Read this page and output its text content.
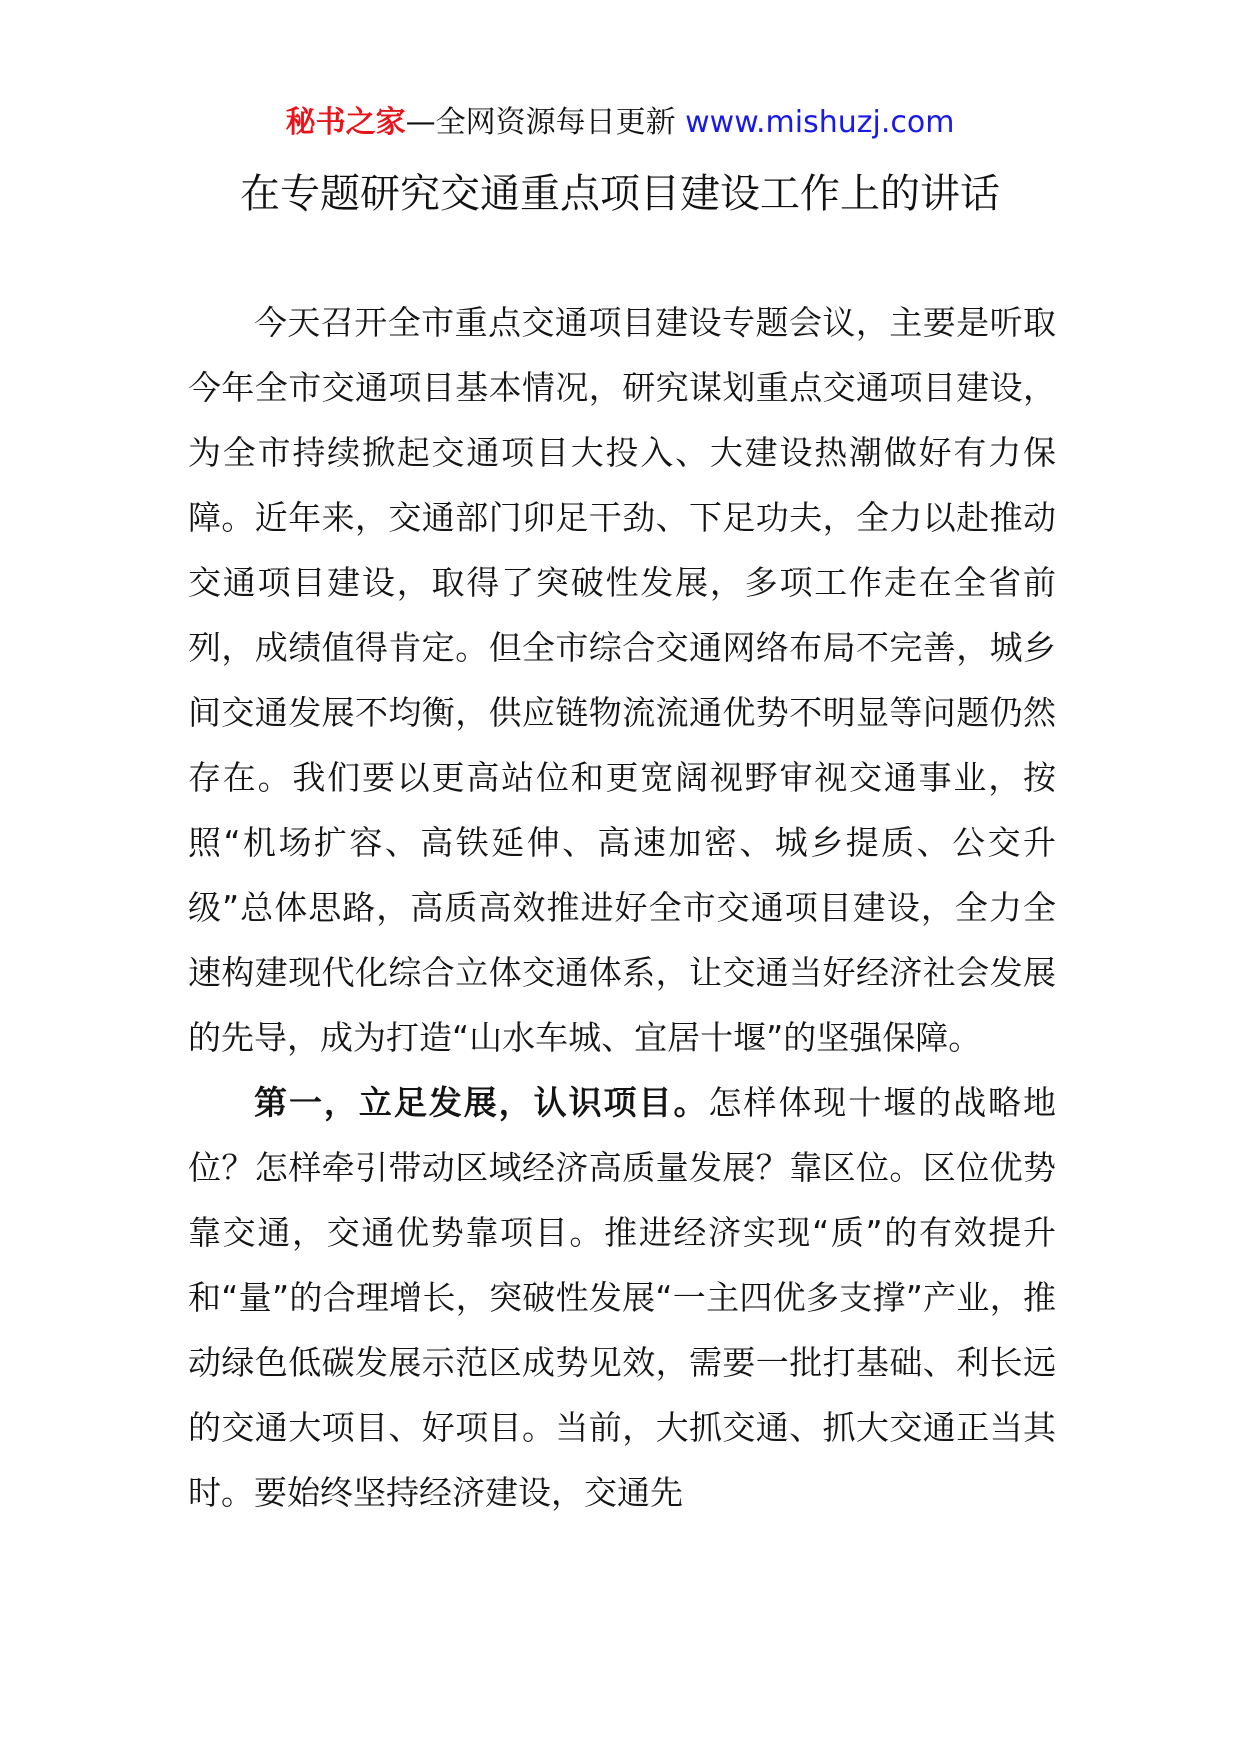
秘书之家—全网资源每日更新 www.mishuzj.com
在专题研究交通重点项目建设工作上的讲话

今天召开全市重点交通项目建设专题会议，主要是听取今年全市交通项目基本情况，研究谋划重点交通项目建设，为全市持续掀起交通项目大投入、大建设热潮做好有力保障。近年来，交通部门卯足干劲、下足功夫，全力以赴推动交通项目建设，取得了突破性发展，多项工作走在全省前列，成绩值得肯定。但全市综合交通网络布局不完善，城乡间交通发展不均衡，供应链物流流通优势不明显等问题仍然存在。我们要以更高站位和更宽阔视野审视交通事业，按照“机场扩容、高铁延伸、高速加密、城乡提质、公交升级”总体思路，高质高效推进好全市交通项目建设，全力全速构建现代化综合立体交通体系，让交通当好经济社会发展的先导，成为打造“山水车城、宜居十堰”的坚强保障。

第一，立足发展，认识项目。怎样体现十堰的战略地位？怎样牵引带动区域经济高质量发展？靠区位。区位优势靠交通，交通优势靠项目。推进经济实现“质”的有效提升和“量”的合理增长，突破性发展“一主四优多支撑”产业，推动绿色低碳发展示范区成势见效，需要一批打基础、利长远的交通大项目、好项目。当前，大抓交通、抓大交通正当其时。要始终坚持经济建设，交通先
